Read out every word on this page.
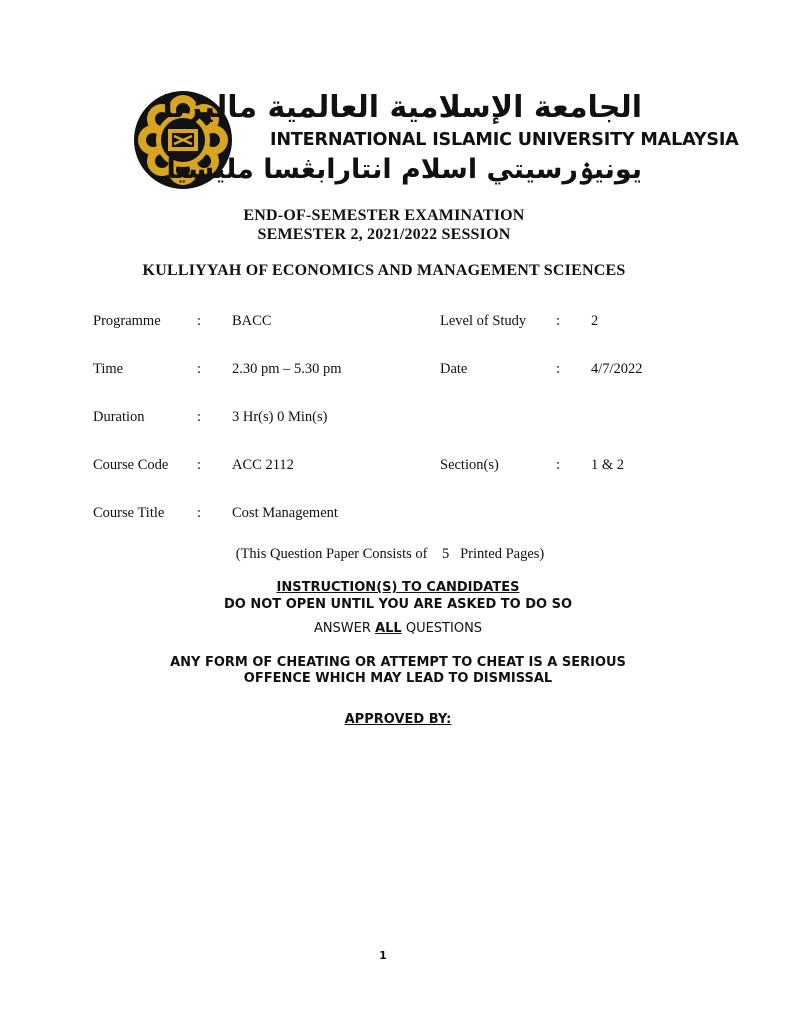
الجامعة الإسلامية العالمية ماليزيا
INTERNATIONAL ISLAMIC UNIVERSITY MALAYSIA
يونيۏرسيتي اسلام انتارابڠسا مليسيا
END-OF-SEMESTER EXAMINATION
SEMESTER 2, 2021/2022 SESSION
KULLIYYAH OF ECONOMICS AND MANAGEMENT SCIENCES
Programme	: BACC	Level of Study : 2
Time	: 2.30 pm – 5.30 pm	Date	: 4/7/2022
Duration	: 3 Hr(s) 0 Min(s)
Course Code : ACC 2112	Section(s)	: 1 & 2
Course Title : Cost Management
(This Question Paper Consists of 5 Printed Pages)
INSTRUCTION(S) TO CANDIDATES
DO NOT OPEN UNTIL YOU ARE ASKED TO DO SO
ANSWER ALL QUESTIONS
ANY FORM OF CHEATING OR ATTEMPT TO CHEAT IS A SERIOUS
OFFENCE WHICH MAY LEAD TO DISMISSAL
APPROVED BY:
1
